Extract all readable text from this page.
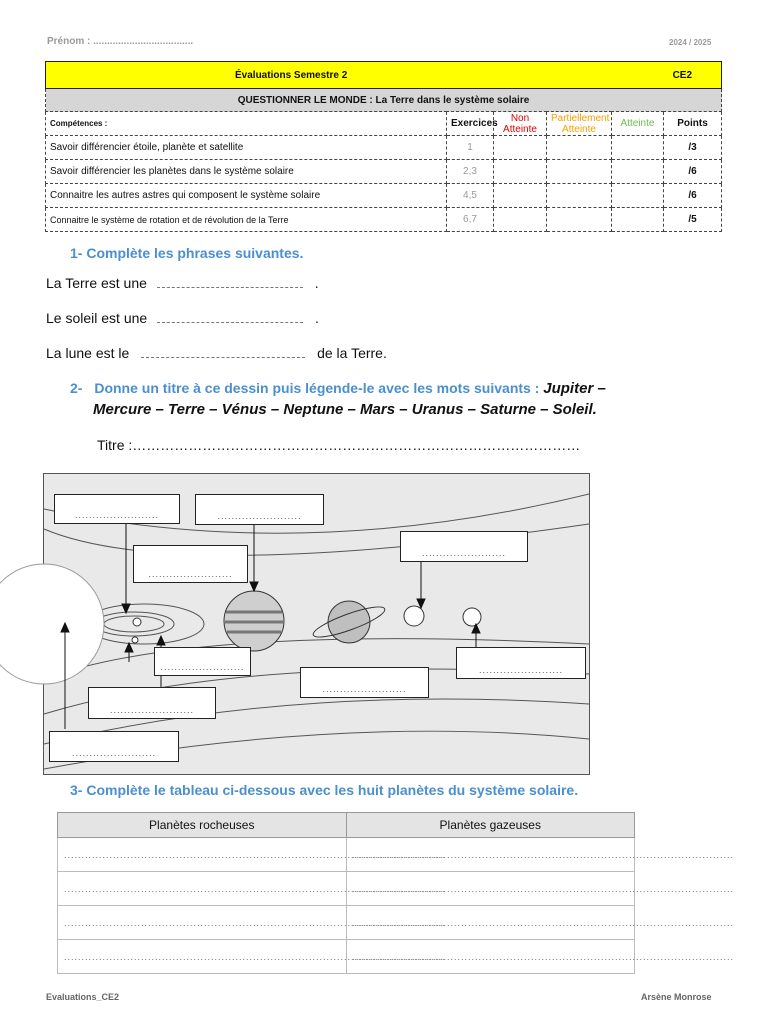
Prénom : ....................................	2024 / 2025
Évaluations Semestre 2 CE2					

QUESTIONNER LE MONDE : La Terre dans le système solaire					
Compétences :	Exercices	Non Atteinte	Partiellement Atteinte	Atteinte	Points
Savoir différencier étoile, planète et satellite	1				/3
Savoir différencier les planètes dans le système solaire	2,3				/6
Connaitre les autres astres qui composent le système solaire	4,5				/6
Connaitre le système de rotation et de révolution de la Terre	6,7				/5
1- Complète les phrases suivantes.
La Terre est une	.
Le soleil est une	.
La lune est le	de la Terre.
2- Donne un titre à ce dessin puis légende-le avec les mots suivants : Jupiter –
Mercure – Terre – Vénus – Neptune – Mars – Uranus – Saturne – Soleil.
Titre :……………………………………………………………………………………
........................	........................
........................
........................
........................
........................
........................
........................
........................
3- Complète le tableau ci-dessous avec les huit planètes du système solaire.
Planètes rocheuses	Planètes gazeuses
.............................................................................................................	.............................................................................................................
.............................................................................................................	.............................................................................................................
.............................................................................................................	.............................................................................................................
.............................................................................................................	.............................................................................................................
Evaluations_CE2	Arsène Monrose
